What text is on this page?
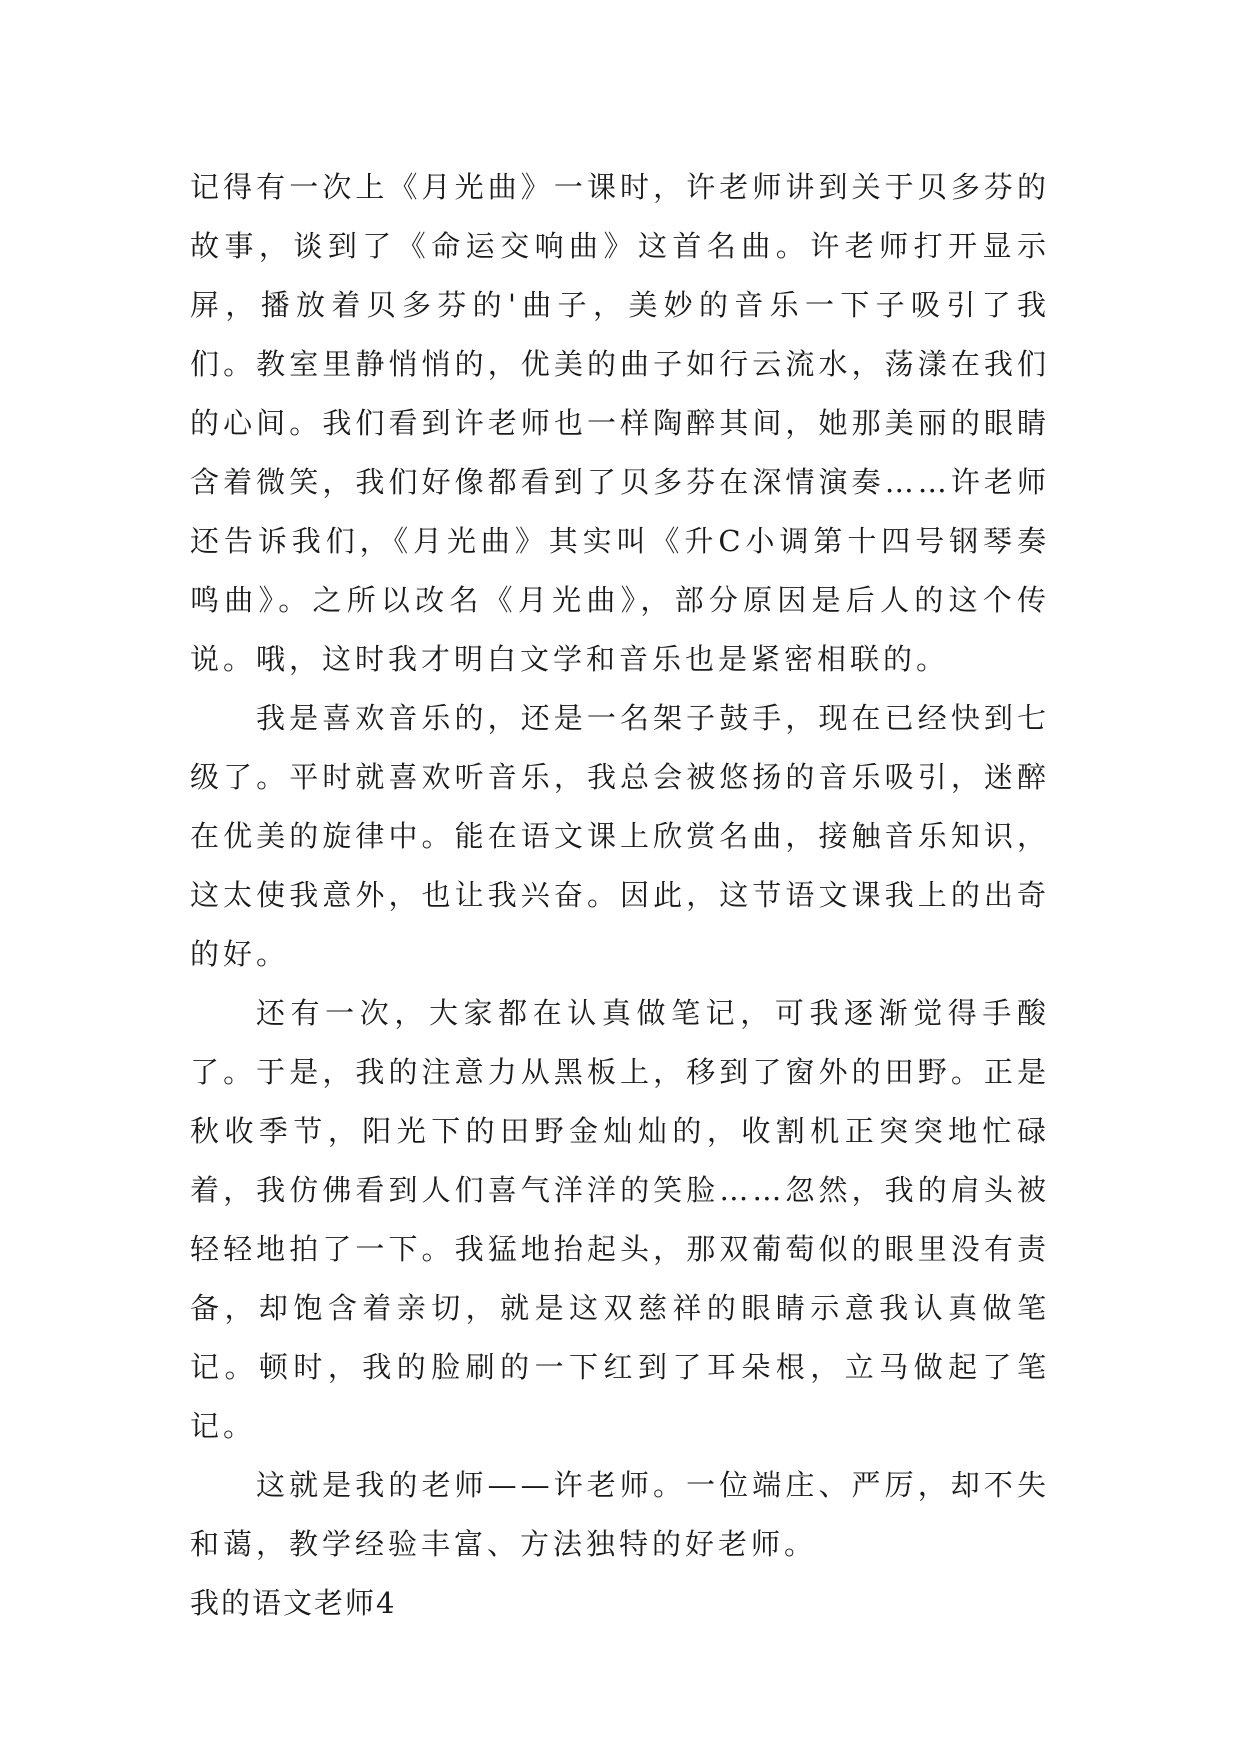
记得有一次上《月光曲》一课时，许老师讲到关于贝多芬的故事，谈到了《命运交响曲》这首名曲。许老师打开显示屏，播放着贝多芬的'曲子，美妙的音乐一下子吸引了我们。教室里静悄悄的，优美的曲子如行云流水，荡漾在我们的心间。我们看到许老师也一样陶醉其间，她那美丽的眼睛含着微笑，我们好像都看到了贝多芬在深情演奏……许老师还告诉我们，《月光曲》其实叫《升C小调第十四号钢琴奏鸣曲》。之所以改名《月光曲》，部分原因是后人的这个传说。哦，这时我才明白文学和音乐也是紧密相联的。

我是喜欢音乐的，还是一名架子鼓手，现在已经快到七级了。平时就喜欢听音乐，我总会被悠扬的音乐吸引，迷醉在优美的旋律中。能在语文课上欣赏名曲，接触音乐知识，这太使我意外，也让我兴奋。因此，这节语文课我上的出奇的好。

还有一次，大家都在认真做笔记，可我逐渐觉得手酸了。于是，我的注意力从黑板上，移到了窗外的田野。正是秋收季节，阳光下的田野金灿灿的，收割机正突突地忙碌着，我仿佛看到人们喜气洋洋的笑脸……忽然，我的肩头被轻轻地拍了一下。我猛地抬起头，那双葡萄似的眼里没有责备，却饱含着亲切，就是这双慈祥的眼睛示意我认真做笔记。顿时，我的脸刷的一下红到了耳朵根，立马做起了笔记。

这就是我的老师——许老师。一位端庄、严厉，却不失和蔼，教学经验丰富、方法独特的好老师。

我的语文老师4
